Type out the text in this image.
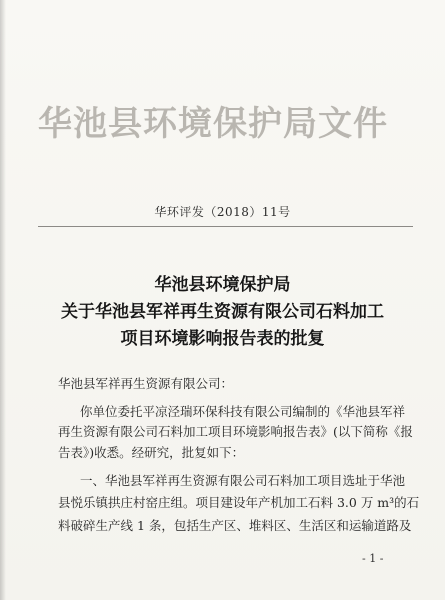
华池县环境保护局文件
华环评发（2018）11号
华池县环境保护局
关于华池县军祥再生资源有限公司石料加工
项目环境影响报告表的批复
华池县军祥再生资源有限公司：
你单位委托平凉泾瑞环保科技有限公司编制的《华池县军祥
再生资源有限公司石料加工项目环境影响报告表》(以下简称《报
告表》)收悉。经研究，批复如下：
一、华池县军祥再生资源有限公司石料加工项目选址于华池
县悦乐镇拱庄村窑庄组。项目建设年产机加工石料 3.0 万 m³的石
料破碎生产线 1 条，包括生产区、堆料区、生活区和运输道路及
- 1 -
